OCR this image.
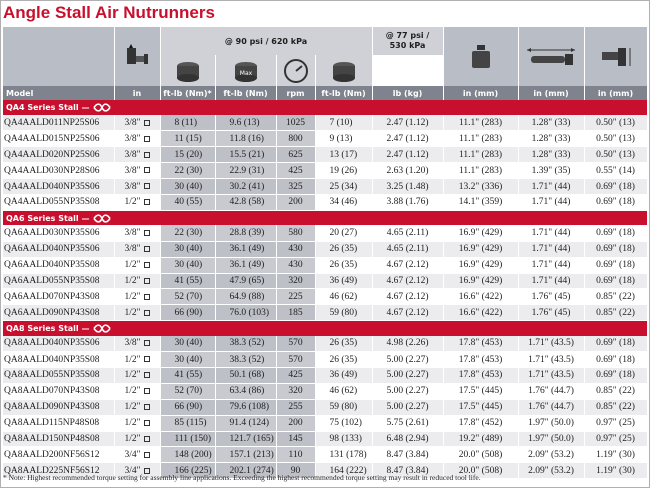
Angle Stall Air Nutrunners
		@ 90 psi / 620 kPa				@ 77 psi /
530 kPa

Max

Model	in	ft-lb (Nm)*	ft-lb (Nm)	rpm	ft-lb (Nm)	lb (kg)	in (mm)	in (mm)	in (mm)	
QA4 Series Stall —										
QA4AALD011NP25S06	3/8"	8 (11)	9.6 (13)	1025	7 (10)	2.47 (1.12)	11.1" (283)	1.28" (33)	0.50" (13)	
QA4AALD015NP25S06	3/8"	11 (15)	11.8 (16)	800	9 (13)	2.47 (1.12)	11.1" (283)	1.28" (33)	0.50" (13)	
QA4AALD020NP25S06	3/8"	15 (20)	15.5 (21)	625	13 (17)	2.47 (1.12)	11.1" (283)	1.28" (33)	0.50" (13)	
QA4AALD030NP28S06	3/8"	22 (30)	22.9 (31)	425	19 (26)	2.63 (1.20)	11.1" (283)	1.39" (35)	0.55" (14)	
QA4AALD040NP35S06	3/8"	30 (40)	30.2 (41)	325	25 (34)	3.25 (1.48)	13.2" (336)	1.71" (44)	0.69" (18)	
QA4AALD055NP35S08	1/2"	40 (55)	42.8 (58)	200	34 (46)	3.88 (1.76)	14.1" (359)	1.71" (44)	0.69" (18)	
QA6 Series Stall —										
QA6AALD030NP35S06	3/8"	22 (30)	28.8 (39)	580	20 (27)	4.65 (2.11)	16.9" (429)	1.71" (44)	0.69" (18)	
QA6AALD040NP35S06	3/8"	30 (40)	36.1 (49)	430	26 (35)	4.65 (2.11)	16.9" (429)	1.71" (44)	0.69" (18)	
QA6AALD040NP35S08	1/2"	30 (40)	36.1 (49)	430	26 (35)	4.67 (2.12)	16.9" (429)	1.71" (44)	0.69" (18)	
QA6AALD055NP35S08	1/2"	41 (55)	47.9 (65)	320	36 (49)	4.67 (2.12)	16.9" (429)	1.71" (44)	0.69" (18)	
QA6AALD070NP43S08	1/2"	52 (70)	64.9 (88)	225	46 (62)	4.67 (2.12)	16.6" (422)	1.76" (45)	0.85" (22)	
QA6AALD090NP43S08	1/2"	66 (90)	76.0 (103)	185	59 (80)	4.67 (2.12)	16.6" (422)	1.76" (45)	0.85" (22)	
QA8 Series Stall —										
QA8AALD040NP35S06	3/8"	30 (40)	38.3 (52)	570	26 (35)	4.98 (2.26)	17.8" (453)	1.71" (43.5)	0.69" (18)	
QA8AALD040NP35S08	1/2"	30 (40)	38.3 (52)	570	26 (35)	5.00 (2.27)	17.8" (453)	1.71" (43.5)	0.69" (18)	
QA8AALD055NP35S08	1/2"	41 (55)	50.1 (68)	425	36 (49)	5.00 (2.27)	17.8" (453)	1.71" (43.5)	0.69" (18)	
QA8AALD070NP43S08	1/2"	52 (70)	63.4 (86)	320	46 (62)	5.00 (2.27)	17.5" (445)	1.76" (44.7)	0.85" (22)	
QA8AALD090NP43S08	1/2"	66 (90)	79.6 (108)	255	59 (80)	5.00 (2.27)	17.5" (445)	1.76" (44.7)	0.85" (22)	
QA8AALD115NP48S08	1/2"	85 (115)	91.4 (124)	200	75 (102)	5.75 (2.61)	17.8" (452)	1.97" (50.0)	0.97" (25)	
QA8AALD150NP48S08	1/2"	111 (150)	121.7 (165)	145	98 (133)	6.48 (2.94)	19.2" (489)	1.97" (50.0)	0.97" (25)	
QA8AALD200NF56S12	3/4"	148 (200)	157.1 (213)	110	131 (178)	8.47 (3.84)	20.0" (508)	2.09" (53.2)	1.19" (30)	
QA8AALD225NF56S12	3/4"	166 (225)	202.1 (274)	90	164 (222)	8.47 (3.84)	20.0" (508)	2.09" (53.2)	1.19" (30)	
* Note: Highest recommended torque setting for assembly line applications. Exceeding the highest recommended torque setting may result in reduced tool life.
